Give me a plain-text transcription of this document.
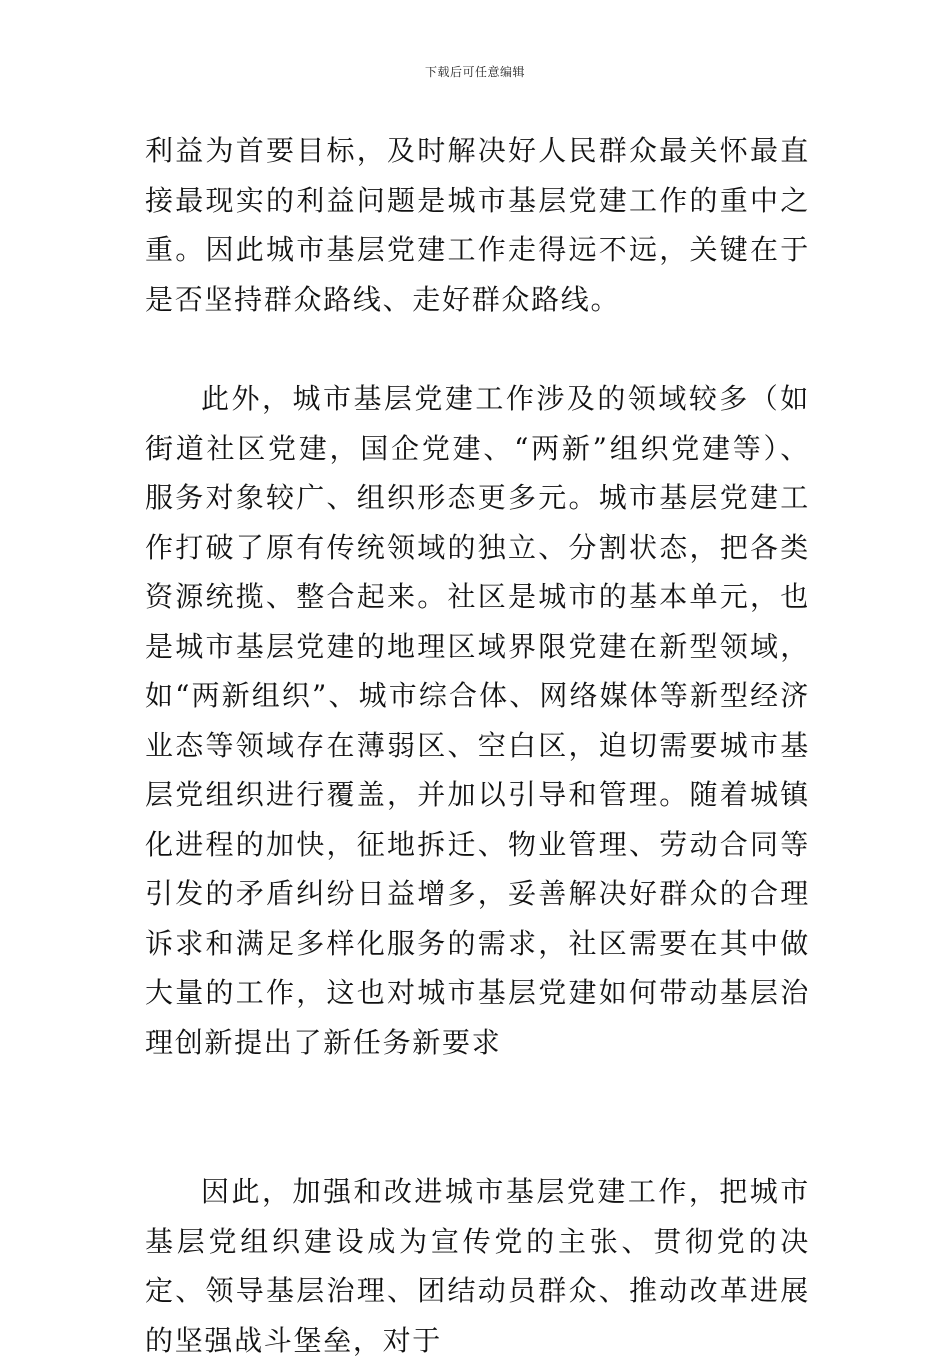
下载后可任意编辑

利益为首要目标，及时解决好人民群众最关怀最直接最现实的利益问题是城市基层党建工作的重中之重。因此城市基层党建工作走得远不远，关键在于是否坚持群众路线、走好群众路线。

此外，城市基层党建工作涉及的领域较多（如街道社区党建，国企党建、“两新”组织党建等）、服务对象较广、组织形态更多元。城市基层党建工作打破了原有传统领域的独立、分割状态，把各类资源统揽、整合起来。社区是城市的基本单元，也是城市基层党建的地理区域界限党建在新型领域，如“两新组织”、城市综合体、网络媒体等新型经济业态等领域存在薄弱区、空白区，迫切需要城市基层党组织进行覆盖，并加以引导和管理。随着城镇化进程的加快，征地拆迁、物业管理、劳动合同等引发的矛盾纠纷日益增多，妥善解决好群众的合理诉求和满足多样化服务的需求，社区需要在其中做大量的工作，这也对城市基层党建如何带动基层治理创新提出了新任务新要求

因此，加强和改进城市基层党建工作，把城市基层党组织建设成为宣传党的主张、贯彻党的决定、领导基层治理、团结动员群众、推动改革进展的坚强战斗堡垒，对于
